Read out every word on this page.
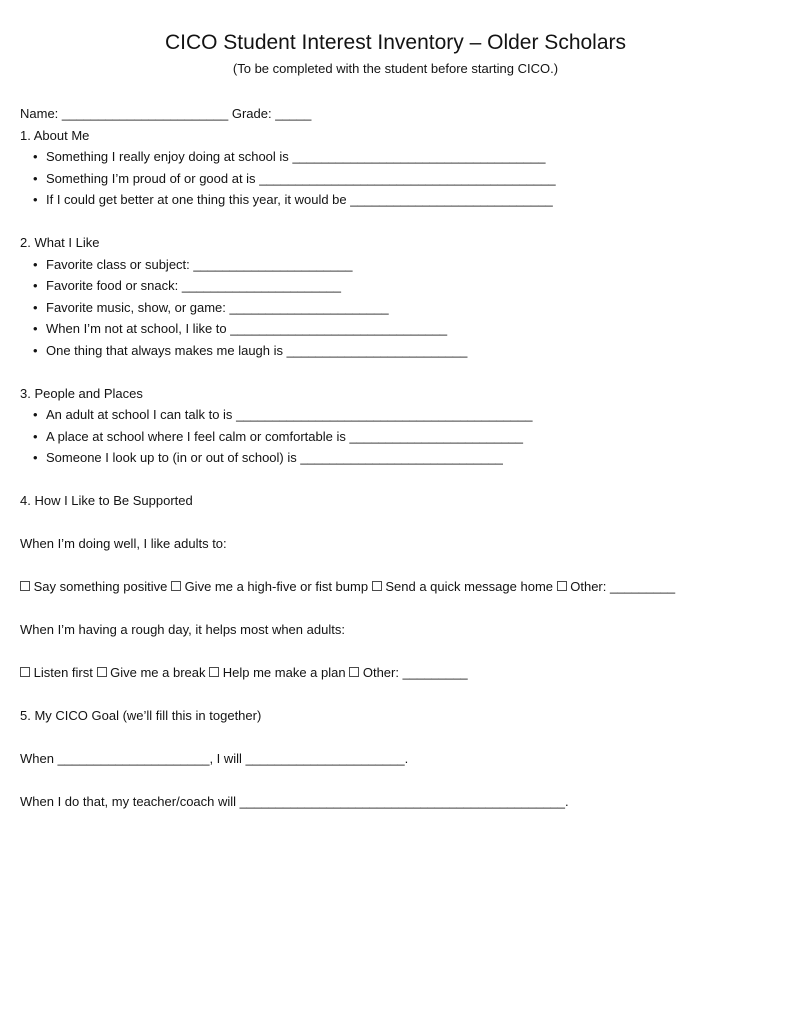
CICO Student Interest Inventory – Older Scholars
(To be completed with the student before starting CICO.)

Name: _______________________ Grade: _____

1. About Me

• Something I really enjoy doing at school is ___________________________________
• Something I’m proud of or good at is _________________________________________
• If I could get better at one thing this year, it would be ____________________________

2. What I Like

• Favorite class or subject: ______________________
• Favorite food or snack: ______________________
• Favorite music, show, or game: ______________________
• When I’m not at school, I like to ______________________________
• One thing that always makes me laugh is _________________________

3. People and Places

• An adult at school I can talk to is _________________________________________
• A place at school where I feel calm or comfortable is ________________________
• Someone I look up to (in or out of school) is ____________________________

4. How I Like to Be Supported

When I’m doing well, I like adults to:

Say something positive Give me a high-five or fist bump Send a quick message home Other: _________

When I’m having a rough day, it helps most when adults:

Listen first Give me a break Help me make a plan Other: _________

5. My CICO Goal (we’ll fill this in together)

When _____________________, I will ______________________.

When I do that, my teacher/coach will _____________________________________________.
